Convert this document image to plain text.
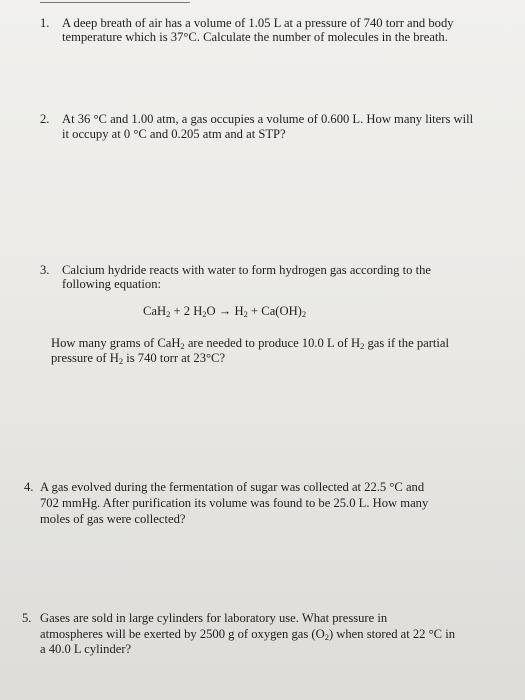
1. A deep breath of air has a volume of 1.05 L at a pressure of 740 torr and body
temperature which is 37°C. Calculate the number of molecules in the breath.
2. At 36 °C and 1.00 atm, a gas occupies a volume of 0.600 L. How many liters will
it occupy at 0 °C and 0.205 atm and at STP?
3. Calcium hydride reacts with water to form hydrogen gas according to the
following equation:
CaH$_2$ + 2 $H_2O \to H_2 + Ca(OH)_2$
How many grams of CaH$_2$ are needed to produce 10.0 L of $H_2$ gas if the partial
pressure of $H_2$ is 740 torr at 23°C?
4. A gas evolved during the fermentation of sugar was collected at 22.5 °C and
702 mmHg. After purification its volume was found to be 25.0 L. How many
moles of gas were collected?
5. Gases are sold in large cylinders for laboratory use. What pressure in
atmospheres will be exerted by 2500 g of oxygen gas $(O_2)$ when stored at 22 °C in
a 40.0 L cylinder?
